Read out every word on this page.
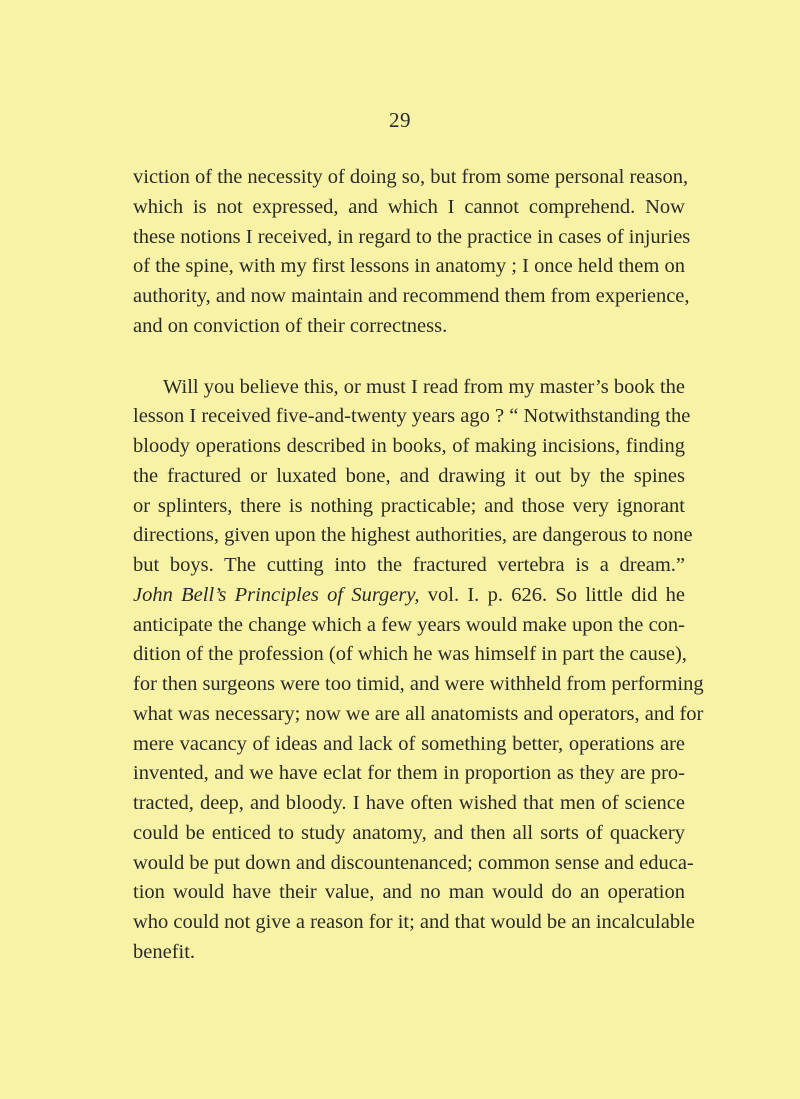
29

viction of the necessity of doing so, but from some personal reason,
which is not expressed, and which I cannot comprehend. Now
these notions I received, in regard to the practice in cases of injuries
of the spine, with my first lessons in anatomy ; I once held them on
authority, and now maintain and recommend them from experience,
and on conviction of their correctness.
Will you believe this, or must I read from my master’s book the
lesson I received five-and-twenty years ago ? “ Notwithstanding the
bloody operations described in books, of making incisions, finding
the fractured or luxated bone, and drawing it out by the spines
or splinters, there is nothing practicable; and those very ignorant
directions, given upon the highest authorities, are dangerous to none
but boys. The cutting into the fractured vertebra is a dream.”
John Bell’s Principles of Surgery, vol. I. p. 626. So little did he
anticipate the change which a few years would make upon the con-
dition of the profession (of which he was himself in part the cause),
for then surgeons were too timid, and were withheld from performing
what was necessary; now we are all anatomists and operators, and for
mere vacancy of ideas and lack of something better, operations are
invented, and we have eclat for them in proportion as they are pro-
tracted, deep, and bloody. I have often wished that men of science
could be enticed to study anatomy, and then all sorts of quackery
would be put down and discountenanced; common sense and educa-
tion would have their value, and no man would do an operation
who could not give a reason for it; and that would be an incalculable
benefit.
